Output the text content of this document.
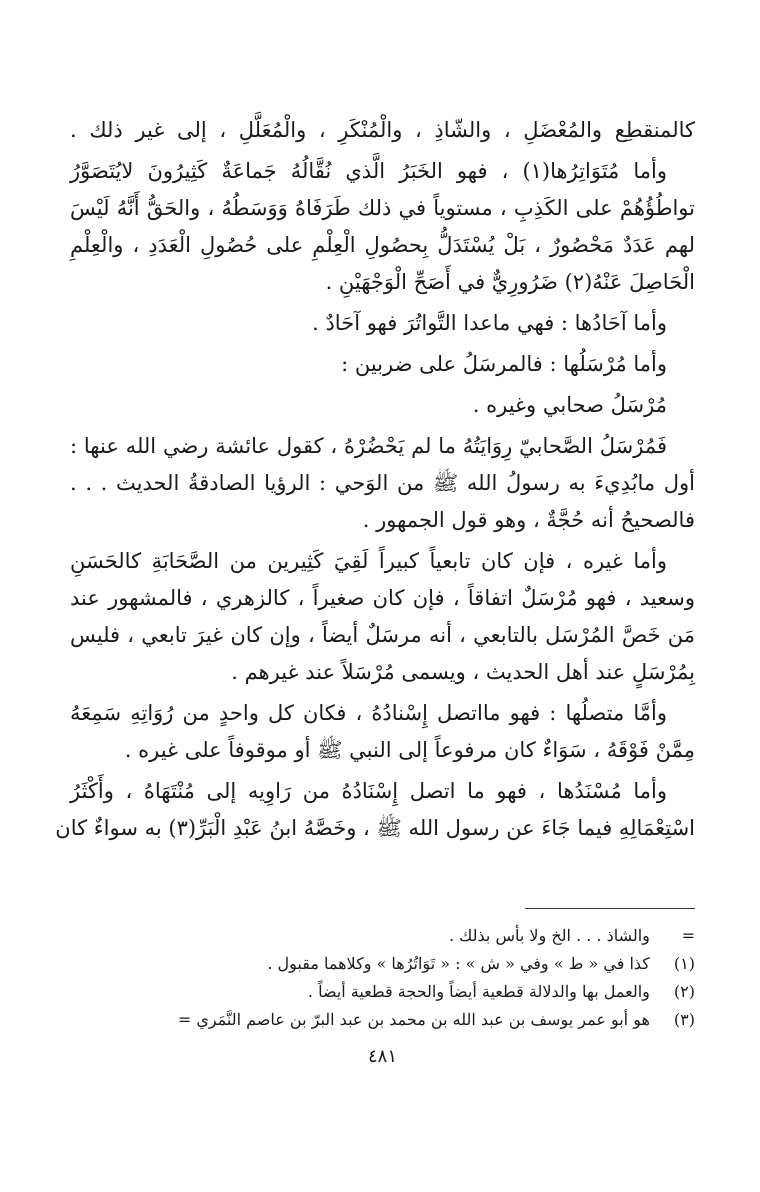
كالمنقطِع والمُعْضَلِ ، والشّاذِ ، والْمُنْكَرِ ، والْمُعَلَّلِ ، إلى غير ذلك .
وأما مُتَوَاتِرُها(١) ، فهو الخَبَرُ الَّذي نُقَّالُهُ جَماعَةٌ كَثِيرُونَ لايُتَصَوَّرُ
تواطُؤُهُمْ على الكَذِبِ ، مستوياً في ذلك طَرَفَاهُ وَوَسَطُهُ ، والحَقُّ أَنَّهُ لَيْسَ
لهم عَدَدٌ مَحْصُورٌ ، بَلْ يُسْتَدَلُّ بِحصُولِ الْعِلْمِ على حُصُولِ الْعَدَدِ ، والْعِلْمِ
الْحَاصِلَ عَنْهُ(٢) ضَرُورِيٌّ في أَصَحِّ الْوَجْهَيْنِ .
وأما آحَادُها : فهي ماعدا التَّواتُرَ فهو آحَادٌ .
وأما مُرْسَلُها : فالمرسَلُ على ضربين :
مُرْسَلُ صحابي وغيره .
فَمُرْسَلُ الصَّحابيّ رِوَايَتُهُ ما لم يَحْضُرْهُ ، كقول عائشة رضي الله عنها :
أول مابُدِيءَ به رسولُ الله ﷺ من الوَحي : الرؤيا الصادقةُ الحديث . . .
فالصحيحُ أنه حُجَّةٌ ، وهو قول الجمهور .
وأما غيره ، فإن كان تابعياً كبيراً لَقِيَ كَثِيرين من الصَّحَابَةِ كالحَسَنِ
وسعيد ، فهو مُرْسَلٌ اتفاقاً ، فإن كان صغيراً ، كالزهري ، فالمشهور عند
مَن خَصَّ المُرْسَل بالتابعي ، أنه مرسَلٌ أيضاً ، وإن كان غيرَ تابعي ، فليس
بِمُرْسَلٍ عند أهل الحديث ، ويسمى مُرْسَلاً عند غيرهم .
وأمَّا متصلُها : فهو مااتصل إِسْنادُهُ ، فكان كل واحدٍ من رُوَاتِهِ سَمِعَهُ
مِمَّنْ فَوْقَهُ ، سَوَاءٌ كان مرفوعاً إلى النبي ﷺ أو موقوفاً على غيره .
وأما مُسْنَدُها ، فهو ما اتصل إِسْنَادُهُ من رَاوِيه إلى مُنْتَهَاهُ ، وأَكْثَرُ
اسْتِعْمَالِهِ فيما جَاءَ عن رسول الله ﷺ ، وخَصَّهُ ابنُ عَبْدِ الْبَرِّ(٣) به سواءٌ كان
= والشاذ . . . الخ ولا بأس بذلك .
(١) كذا في « ط » وفي « ش » : « تَوَاتُرُها » وكلاهما مقبول .
(٢) والعمل بها والدلالة قطعية أيضاً والحجة قطعية أيضاً .
(٣) هو أبو عمر يوسف بن عبد الله بن محمد بن عبد البرّ بن عاصم النَّمَري =
٤٨١
